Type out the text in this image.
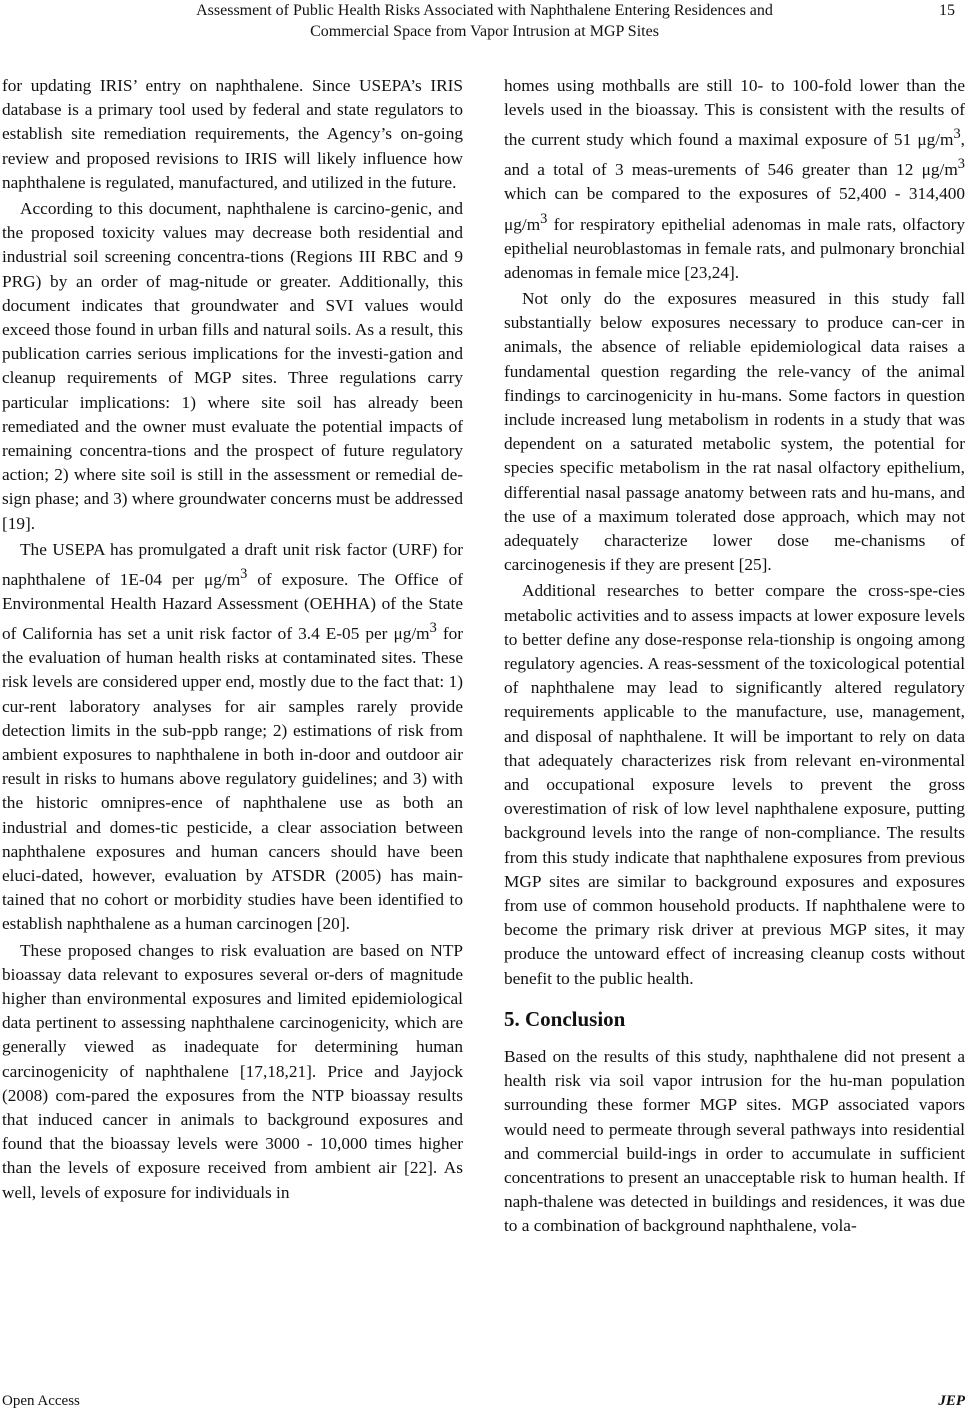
Assessment of Public Health Risks Associated with Naphthalene Entering Residences and
Commercial Space from Vapor Intrusion at MGP Sites
15

for updating IRIS’ entry on naphthalene. Since USEPA’s IRIS database is a primary tool used by federal and state regulators to establish site remediation requirements, the Agency’s on-going review and proposed revisions to IRIS will likely influence how naphthalene is regulated, manufactured, and utilized in the future.

According to this document, naphthalene is carcino-genic, and the proposed toxicity values may decrease both residential and industrial soil screening concentra-tions (Regions III RBC and 9 PRG) by an order of mag-nitude or greater. Additionally, this document indicates that groundwater and SVI values would exceed those found in urban fills and natural soils. As a result, this publication carries serious implications for the investi-gation and cleanup requirements of MGP sites. Three regulations carry particular implications: 1) where site soil has already been remediated and the owner must evaluate the potential impacts of remaining concentra-tions and the prospect of future regulatory action; 2) where site soil is still in the assessment or remedial de-sign phase; and 3) where groundwater concerns must be addressed [19].

The USEPA has promulgated a draft unit risk factor (URF) for naphthalene of 1E-04 per $\mu g/m^3$ of exposure. The Office of Environmental Health Hazard Assessment (OEHHA) of the State of California has set a unit risk factor of 3.4 E-05 per $\mu g/m^3$ for the evaluation of human health risks at contaminated sites. These risk levels are considered upper end, mostly due to the fact that: 1) cur-rent laboratory analyses for air samples rarely provide detection limits in the sub-ppb range; 2) estimations of risk from ambient exposures to naphthalene in both in-door and outdoor air result in risks to humans above regulatory guidelines; and 3) with the historic omnipres-ence of naphthalene use as both an industrial and domes-tic pesticide, a clear association between naphthalene exposures and human cancers should have been eluci-dated, however, evaluation by ATSDR (2005) has main-tained that no cohort or morbidity studies have been identified to establish naphthalene as a human carcinogen [20].

These proposed changes to risk evaluation are based on NTP bioassay data relevant to exposures several or-ders of magnitude higher than environmental exposures and limited epidemiological data pertinent to assessing naphthalene carcinogenicity, which are generally viewed as inadequate for determining human carcinogenicity of naphthalene [17,18,21]. Price and Jayjock (2008) com-pared the exposures from the NTP bioassay results that induced cancer in animals to background exposures and found that the bioassay levels were 3000 - 10,000 times higher than the levels of exposure received from ambient air [22]. As well, levels of exposure for individuals in

homes using mothballs are still 10- to 100-fold lower than the levels used in the bioassay. This is consistent with the results of the current study which found a maximal exposure of 51 $\mu g/m^3$, and a total of 3 meas-urements of 546 greater than 12 $\mu g/m^3$ which can be compared to the exposures of 52,400 - 314,400 $\mu g/m^3$ for respiratory epithelial adenomas in male rats, olfactory epithelial neuroblastomas in female rats, and pulmonary bronchial adenomas in female mice [23,24].

Not only do the exposures measured in this study fall substantially below exposures necessary to produce can-cer in animals, the absence of reliable epidemiological data raises a fundamental question regarding the rele-vancy of the animal findings to carcinogenicity in hu-mans. Some factors in question include increased lung metabolism in rodents in a study that was dependent on a saturated metabolic system, the potential for species specific metabolism in the rat nasal olfactory epithelium, differential nasal passage anatomy between rats and hu-mans, and the use of a maximum tolerated dose approach, which may not adequately characterize lower dose me-chanisms of carcinogenesis if they are present [25].

Additional researches to better compare the cross-spe-cies metabolic activities and to assess impacts at lower exposure levels to better define any dose-response rela-tionship is ongoing among regulatory agencies. A reas-sessment of the toxicological potential of naphthalene may lead to significantly altered regulatory requirements applicable to the manufacture, use, management, and disposal of naphthalene. It will be important to rely on data that adequately characterizes risk from relevant en-vironmental and occupational exposure levels to prevent the gross overestimation of risk of low level naphthalene exposure, putting background levels into the range of non-compliance. The results from this study indicate that naphthalene exposures from previous MGP sites are similar to background exposures and exposures from use of common household products. If naphthalene were to become the primary risk driver at previous MGP sites, it may produce the untoward effect of increasing cleanup costs without benefit to the public health.

5. Conclusion

Based on the results of this study, naphthalene did not present a health risk via soil vapor intrusion for the hu-man population surrounding these former MGP sites. MGP associated vapors would need to permeate through several pathways into residential and commercial build-ings in order to accumulate in sufficient concentrations to present an unacceptable risk to human health. If naph-thalene was detected in buildings and residences, it was due to a combination of background naphthalene, vola-

Open Access	JEP
